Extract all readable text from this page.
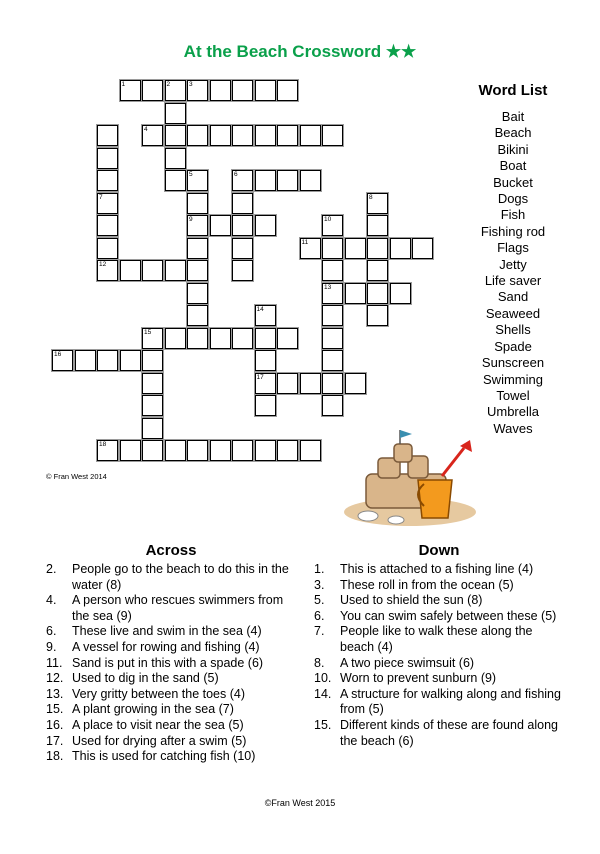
At the Beach Crossword ★★
1	2	3
7
4
5
9
6
12
8
10
13
11
15
14
17
16
18
Word List
Bait
Beach
Bikini
Boat
Bucket
Dogs
Fish
Fishing rod
Flags
Jetty
Life saver
Sand
Seaweed
Shells
Spade
Sunscreen
Swimming
Towel
Umbrella
Waves
© Fran West 2014
Across
2.	People go to the beach to do this in the water (8)
4.	A person who rescues swimmers from the sea (9)
6.	These live and swim in the sea (4)
9.	A vessel for rowing and fishing (4)
11. Sand is put in this with a spade (6)
12. Used to dig in the sand (5)
13. Very gritty between the toes (4)
15. A plant growing in the sea (7)
16. A place to visit near the sea (5)
17. Used for drying after a swim (5)
18. This is used for catching fish (10)
Down
1.	This is attached to a fishing line (4)
3.	These roll in from the ocean (5)
5.	Used to shield the sun (8)
6.	You can swim safely between these (5)
7.	People like to walk these along the beach (4)
8.	A two piece swimsuit (6)
10. Worn to prevent sunburn (9)
14. A structure for walking along and fishing from (5)
15. Different kinds of these are found along the beach (6)
©Fran West 2015
